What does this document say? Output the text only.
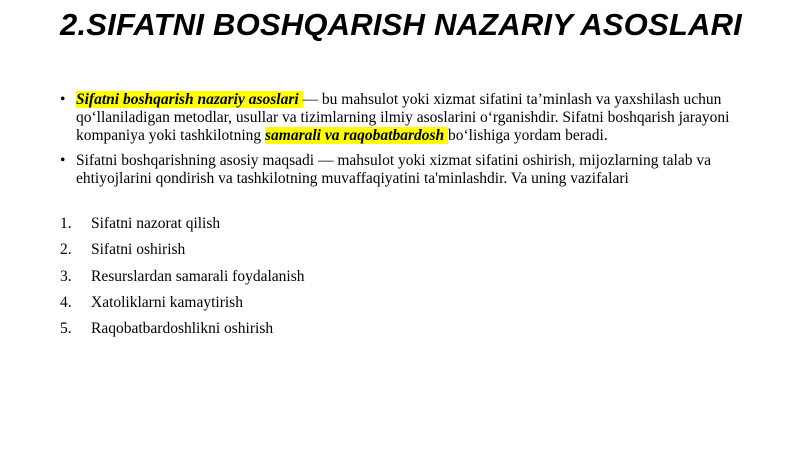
2.SIFATNI BOSHQARISH NAZARIY ASOSLARI
• Sifatni boshqarish nazariy asoslari — bu mahsulot yoki xizmat sifatini taʼminlash va yaxshilash uchun qoʻllaniladigan metodlar, usullar va tizimlarning ilmiy asoslarini oʻrganishdir. Sifatni boshqarish jarayoni kompaniya yoki tashkilotning samarali va raqobatbardosh boʻlishiga yordam beradi.
• Sifatni boshqarishning asosiy maqsadi — mahsulot yoki xizmat sifatini oshirish, mijozlarning talab va ehtiyojlarini qondirish va tashkilotning muvaffaqiyatini ta'minlashdir. Va uning vazifalari
1. Sifatni nazorat qilish
2. Sifatni oshirish
3. Resurslardan samarali foydalanish
4. Xatoliklarni kamaytirish
5. Raqobatbardoshlikni oshirish
